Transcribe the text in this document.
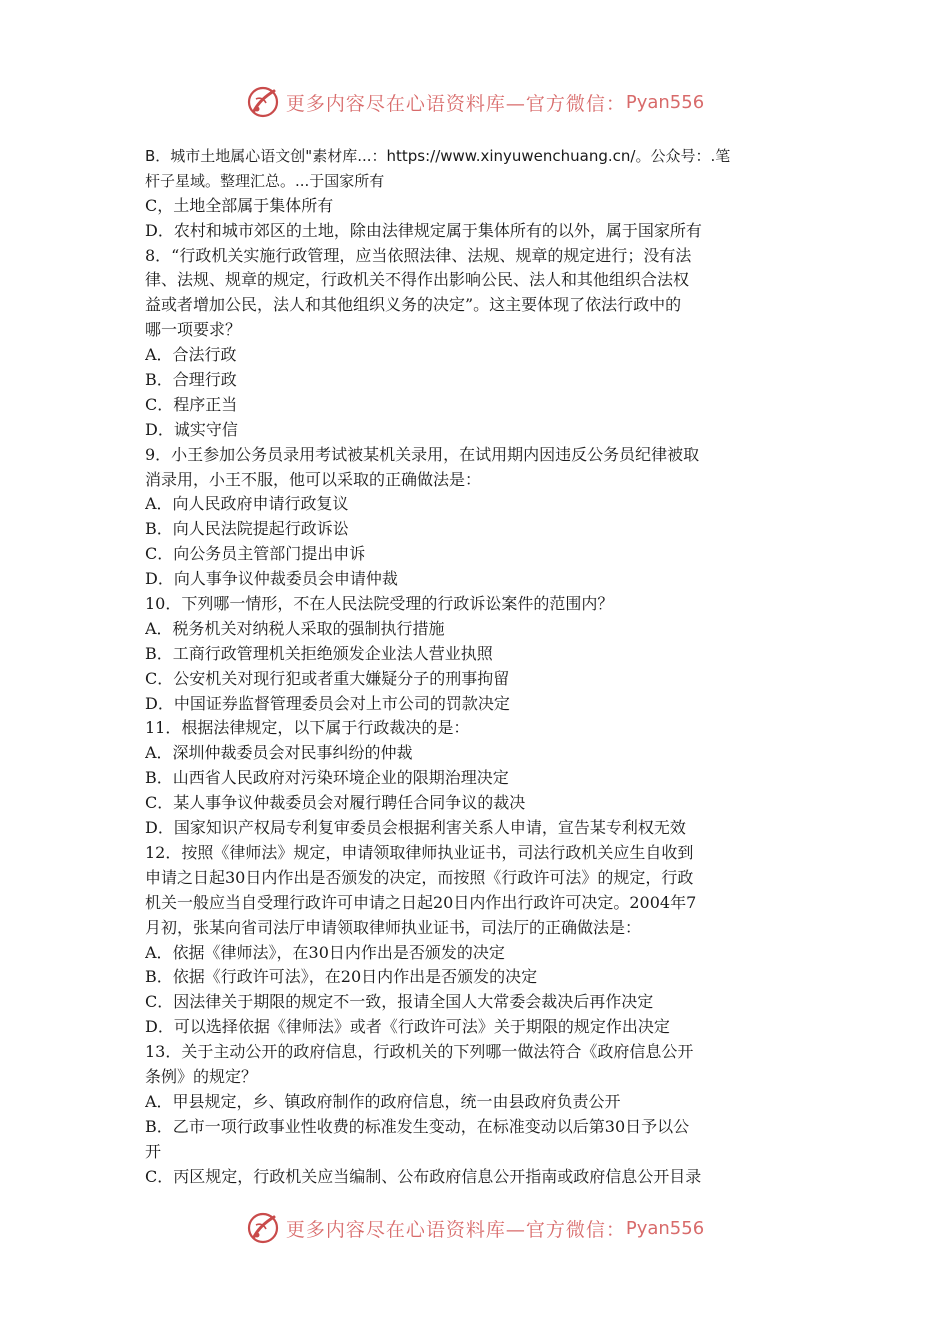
更多内容尽在心语资料库—官方微信： Pyan556
B．城市土地属心语文创"素材库...：https://www.xinyuwenchuang.cn/。公众号：.笔
杆子星域。整理汇总。...于国家所有
C，土地全部属于集体所有
D．农村和城市郊区的土地，除由法律规定属于集体所有的以外，属于国家所有
8．“行政机关实施行政管理，应当依照法律、法规、规章的规定进行；没有法
律、法规、规章的规定，行政机关不得作出影响公民、法人和其他组织合法权
益或者增加公民，法人和其他组织义务的决定”。这主要体现了依法行政中的
哪一项要求？
A．合法行政
B．合理行政
C．程序正当
D．诚实守信
9．小王参加公务员录用考试被某机关录用，在试用期内因违反公务员纪律被取
消录用，小王不服，他可以采取的正确做法是：
A．向人民政府申请行政复议
B．向人民法院提起行政诉讼
C．向公务员主管部门提出申诉
D．向人事争议仲裁委员会申请仲裁
10．下列哪一情形，不在人民法院受理的行政诉讼案件的范围内？
A．税务机关对纳税人采取的强制执行措施
B．工商行政管理机关拒绝颁发企业法人营业执照
C．公安机关对现行犯或者重大嫌疑分子的刑事拘留
D．中国证券监督管理委员会对上市公司的罚款决定
11．根据法律规定，以下属于行政裁决的是：
A．深圳仲裁委员会对民事纠纷的仲裁
B．山西省人民政府对污染环境企业的限期治理决定
C．某人事争议仲裁委员会对履行聘任合同争议的裁决
D．国家知识产权局专利复审委员会根据利害关系人申请，宣告某专利权无效
12．按照《律师法》规定，申请领取律师执业证书，司法行政机关应生自收到
申请之日起30日内作出是否颁发的决定，而按照《行政许可法》的规定，行政
机关一般应当自受理行政许可申请之日起20日内作出行政许可决定。2004年7
月初，张某向省司法厅申请领取律师执业证书，司法厅的正确做法是：
A．依据《律师法》，在30日内作出是否颁发的决定
B．依据《行政许可法》，在20日内作出是否颁发的决定
C．因法律关于期限的规定不一致，报请全国人大常委会裁决后再作决定
D．可以选择依据《律师法》或者《行政许可法》关于期限的规定作出决定
13．关于主动公开的政府信息，行政机关的下列哪一做法符合《政府信息公开
条例》的规定？
A．甲县规定，乡、镇政府制作的政府信息，统一由县政府负责公开
B．乙市一项行政事业性收费的标准发生变动，在标准变动以后第30日予以公
开
C．丙区规定，行政机关应当编制、公布政府信息公开指南或政府信息公开目录
更多内容尽在心语资料库—官方微信： Pyan556
